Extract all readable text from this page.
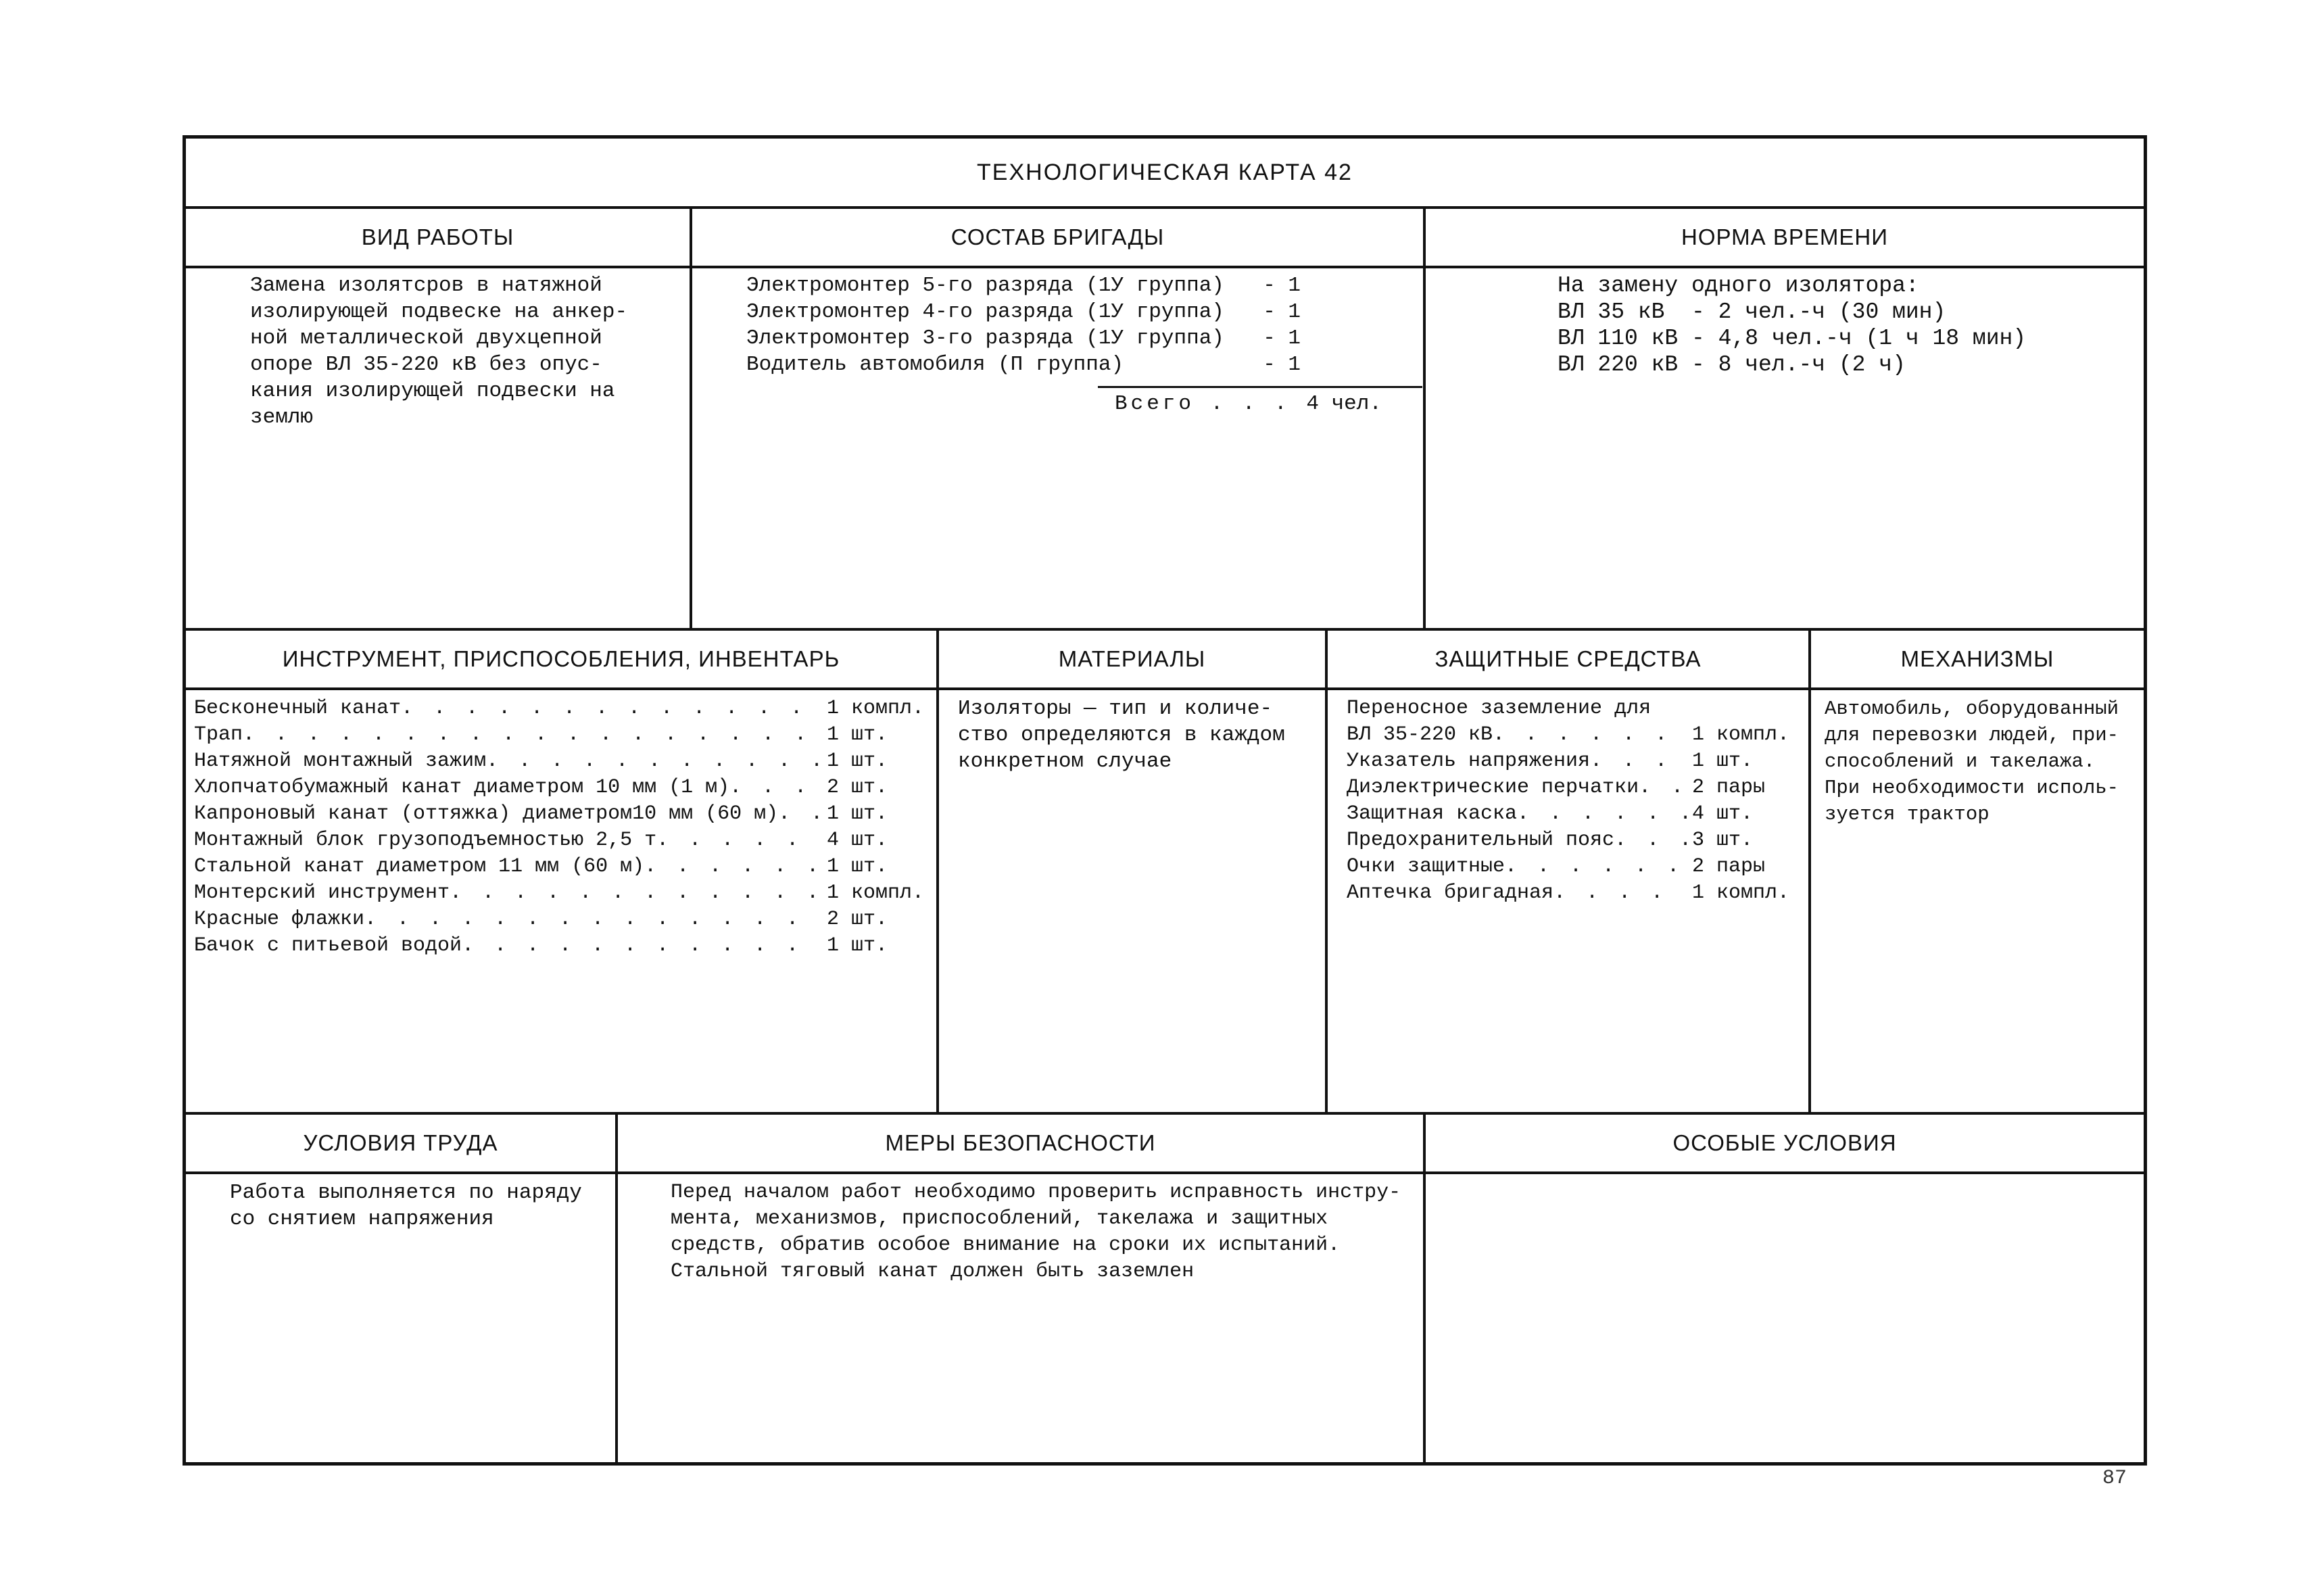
ТЕХНОЛОГИЧЕСКАЯ КАРТА 42
ВИД РАБОТЫ
Замена изолятсров в натяжной
изолирующей подвеске на анкер-
ной металлической двухцепной
опоре ВЛ 35-220 кВ без опус-
кания изолирующей подвески на
землю
СОСТАВ БРИГАДЫ
Электромонтер 5-го разряда (1У группа)	- 1
Электромонтер 4-го разряда (1У группа)	- 1
Электромонтер 3-го разряда (1У группа)	- 1
Водитель автомобиля (П группа)	- 1
Всего . . . 4 чел.
НОРМА ВРЕМЕНИ
На замену одного изолятора:
ВЛ 35 кВ  - 2 чел.-ч (30 мин)
ВЛ 110 кВ - 4,8 чел.-ч (1 ч 18 мин)
ВЛ 220 кВ - 8 чел.-ч (2 ч)
ИНСТРУМЕНТ, ПРИСПОСОБЛЕНИЯ, ИНВЕНТАРЬ
Бесконечный канат . . .	1 компл.
Трап . . .	1 шт.
Натяжной монтажный зажим . . .	1 шт.
Хлопчатобумажный канат диаметром 10 мм (1 м) . . .	2 шт.
Капроновый канат (оттяжка) диаметром10 мм (60 м) . . . 1 шт.
Монтажный блок грузоподъемностью 2,5 т . . .	4 шт.
Стальной канат диаметром 11 мм (60 м) . . .	1 шт.
Монтерский инструмент . . .	1 компл.
Красные флажки . . .	2 шт.
Бачок с питьевой водой . . .	1 шт.
МАТЕРИАЛЫ
Изоляторы — тип и количе-
ство определяются в каждом
конкретном случае
ЗАЩИТНЫЕ СРЕДСТВА
Переносное заземление для
ВЛ 35-220 кВ . . .	1 компл.
Указатель напряжения . . .	1 шт.
Диэлектрические перчатки . . .	2 пары
Защитная каска . . .	4 шт.
Предохранительный пояс . . .	3 шт.
Очки защитные . . .	2 пары
Аптечка бригадная . . .	1 компл.
МЕХАНИЗМЫ
Автомобиль, оборудованный
для перевозки людей, при-
способлений и такелажа.
При необходимости исполь-
зуется трактор
УСЛОВИЯ ТРУДА
Работа выполняется по наряду
со снятием напряжения
МЕРЫ БЕЗОПАСНОСТИ
Перед началом работ необходимо проверить исправность инстру-
мента, механизмов, приспособлений, такелажа и защитных
средств, обратив особое внимание на сроки их испытаний.
Стальной тяговый канат должен быть заземлен
ОСОБЫЕ УСЛОВИЯ
87
